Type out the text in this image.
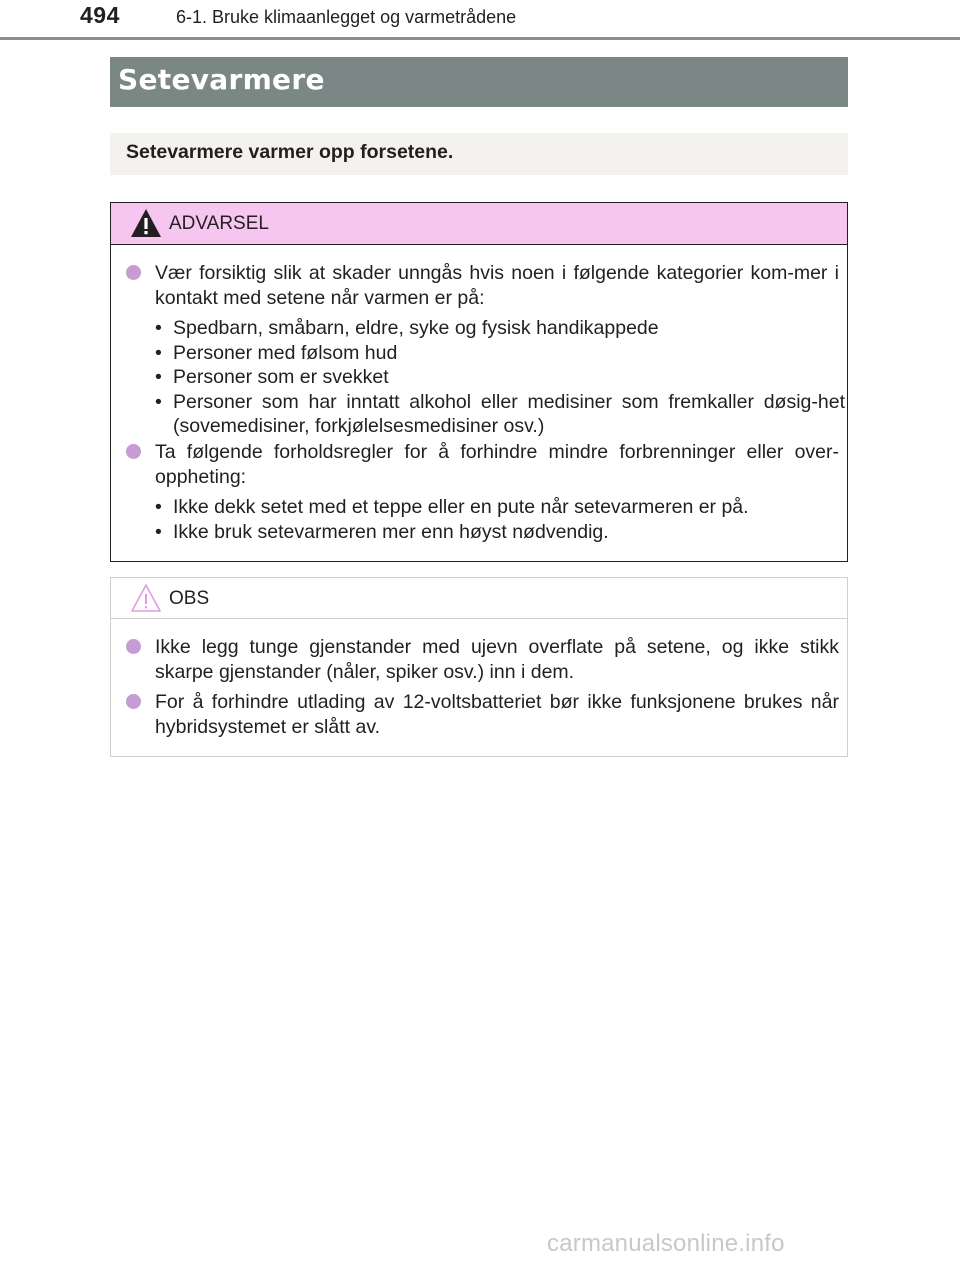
494	6-1. Bruke klimaanlegget og varmetrådene
Setevarmere
Setevarmere varmer opp forsetene.
ADVARSEL
Vær forsiktig slik at skader unngås hvis noen i følgende kategorier kom-mer i kontakt med setene når varmen er på:
• Spedbarn, småbarn, eldre, syke og fysisk handikappede
• Personer med følsom hud
• Personer som er svekket
• Personer som har inntatt alkohol eller medisiner som fremkaller døsig-het (sovemedisiner, forkjølelsesmedisiner osv.)
Ta følgende forholdsregler for å forhindre mindre forbrenninger eller over-oppheting:
• Ikke dekk setet med et teppe eller en pute når setevarmeren er på.
• Ikke bruk setevarmeren mer enn høyst nødvendig.
OBS
Ikke legg tunge gjenstander med ujevn overflate på setene, og ikke stikk skarpe gjenstander (nåler, spiker osv.) inn i dem.
For å forhindre utlading av 12-voltsbatteriet bør ikke funksjonene brukes når hybridsystemet er slått av.
carmanualsonline.info
